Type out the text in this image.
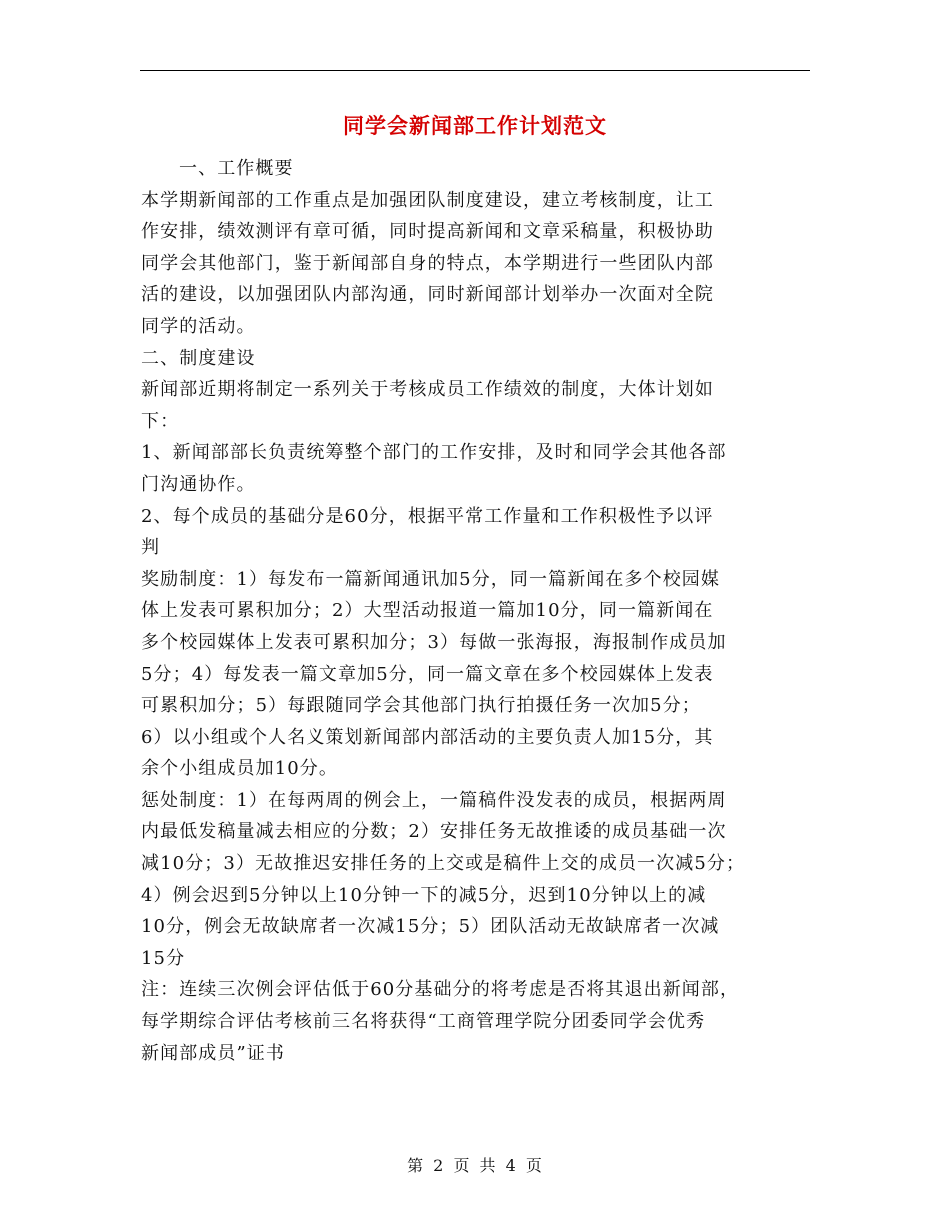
同学会新闻部工作计划范文

一、工作概要

本学期新闻部的工作重点是加强团队制度建设，建立考核制度，让工

作安排，绩效测评有章可循，同时提高新闻和文章采稿量，积极协助

同学会其他部门，鉴于新闻部自身的特点，本学期进行一些团队内部

活的建设，以加强团队内部沟通，同时新闻部计划举办一次面对全院

同学的活动。

二、制度建设

新闻部近期将制定一系列关于考核成员工作绩效的制度，大体计划如

下：

1、新闻部部长负责统筹整个部门的工作安排，及时和同学会其他各部

门沟通协作。

2、每个成员的基础分是60分，根据平常工作量和工作积极性予以评

判

奖励制度：1）每发布一篇新闻通讯加5分，同一篇新闻在多个校园媒

体上发表可累积加分；2）大型活动报道一篇加10分，同一篇新闻在

多个校园媒体上发表可累积加分；3）每做一张海报，海报制作成员加

5分；4）每发表一篇文章加5分，同一篇文章在多个校园媒体上发表

可累积加分；5）每跟随同学会其他部门执行拍摄任务一次加5分；

6）以小组或个人名义策划新闻部内部活动的主要负责人加15分，其

余个小组成员加10分。

惩处制度：1）在每两周的例会上，一篇稿件没发表的成员，根据两周

内最低发稿量减去相应的分数；2）安排任务无故推诿的成员基础一次

减10分；3）无故推迟安排任务的上交或是稿件上交的成员一次减5分；

4）例会迟到5分钟以上10分钟一下的减5分，迟到10分钟以上的减

10分，例会无故缺席者一次减15分；5）团队活动无故缺席者一次减

15分

注：连续三次例会评估低于60分基础分的将考虑是否将其退出新闻部，

每学期综合评估考核前三名将获得“工商管理学院分团委同学会优秀

新闻部成员”证书

第 2 页 共 4 页
